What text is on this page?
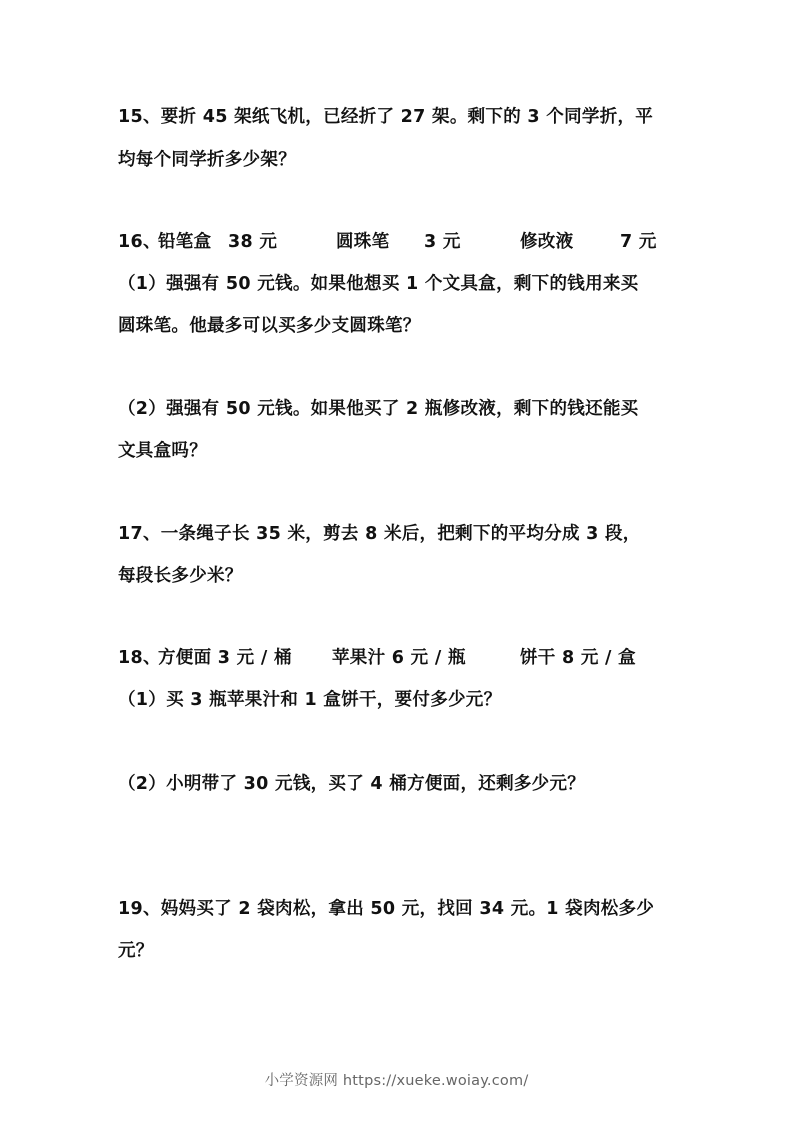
15、要折 45 架纸飞机，已经折了 27 架。剩下的 3 个同学折，平
均每个同学折多少架？
16、
铅笔盒 38 元	圆珠笔 3 元	修改液	7 元
（1）强强有 50 元钱。如果他想买 1 个文具盒，剩下的钱用来买
圆珠笔。他最多可以买多少支圆珠笔？
（2）强强有 50 元钱。如果他买了 2 瓶修改液，剩下的钱还能买
文具盒吗？
17、一条绳子长 35 米，剪去 8 米后，把剩下的平均分成 3 段，
每段长多少米？
18、
方便面 3 元 / 桶 苹果汁 6 元 / 瓶	饼干 8 元 / 盒
（1）买 3 瓶苹果汁和 1 盒饼干，要付多少元？
（2）小明带了 30 元钱，买了 4 桶方便面，还剩多少元？
19、妈妈买了 2 袋肉松，拿出 50 元，找回 34 元。1 袋肉松多少
元？
小学资源网 https://xueke.woiay.com/
